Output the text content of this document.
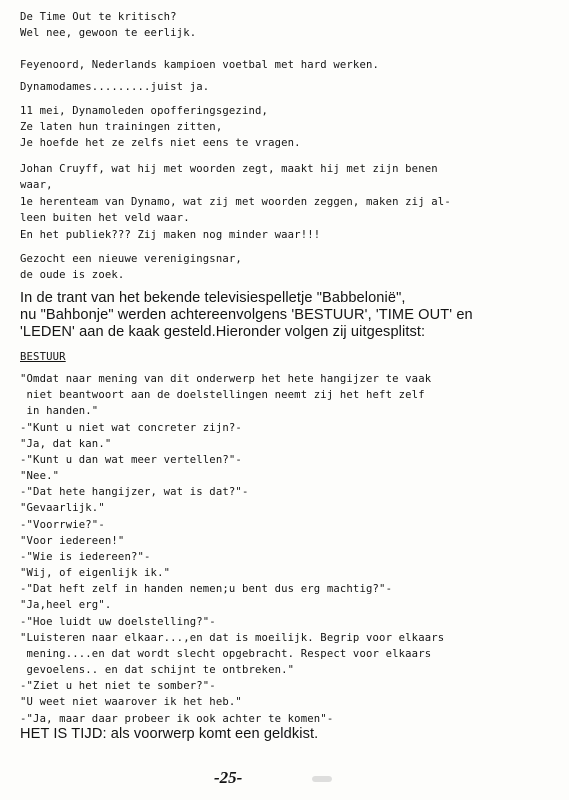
De Time Out te kritisch?
Wel nee, gewoon te eerlijk.
Feyenoord, Nederlands kampioen voetbal met hard werken.
Dynamodames.........juist ja.
11 mei, Dynamoleden opofferingsgezind,
Ze laten hun trainingen zitten,
Je hoefde het ze zelfs niet eens te vragen.
Johan Cruyff, wat hij met woorden zegt, maakt hij met zijn benen
waar,
1e herenteam van Dynamo, wat zij met woorden zeggen, maken zij al-
leen buiten het veld waar.
En het publiek??? Zij maken nog minder waar!!!
Gezocht een nieuwe verenigingsnar,
de oude is zoek.
In de trant van het bekende televisiespelletje "Babbeloniё",
nu "Bahbonje" werden achtereenvolgens 'BESTUUR', 'TIME OUT' en
'LEDEN' aan de kaak gesteld.Hieronder volgen zij uitgesplitst:
BESTUUR
"Omdat naar mening van dit onderwerp het hete hangijzer te vaak
niet beantwoort aan de doelstellingen neemt zij het heft zelf
in handen."
-"Kunt u niet wat concreter zijn?-
"Ja, dat kan."
-"Kunt u dan wat meer vertellen?"-
"Nee."
-"Dat hete hangijzer, wat is dat?"-
"Gevaarlijk."
-"Voorrwie?"-
"Voor iedereen!"
-"Wie is iedereen?"-
"Wij, of eigenlijk ik."
-"Dat heft zelf in handen nemen;u bent dus erg machtig?"-
"Ja,heel erg".
-"Hoe luidt uw doelstelling?"-
"Luisteren naar elkaar...,en dat is moeilijk. Begrip voor elkaars
mening....en dat wordt slecht opgebracht. Respect voor elkaars
gevoelens.. en dat schijnt te ontbreken."
-"Ziet u het niet te somber?"-
"U weet niet waarover ik het heb."
-"Ja, maar daar probeer ik ook achter te komen"-
HET IS TIJD: als voorwerp komt een geldkist.
-25-
